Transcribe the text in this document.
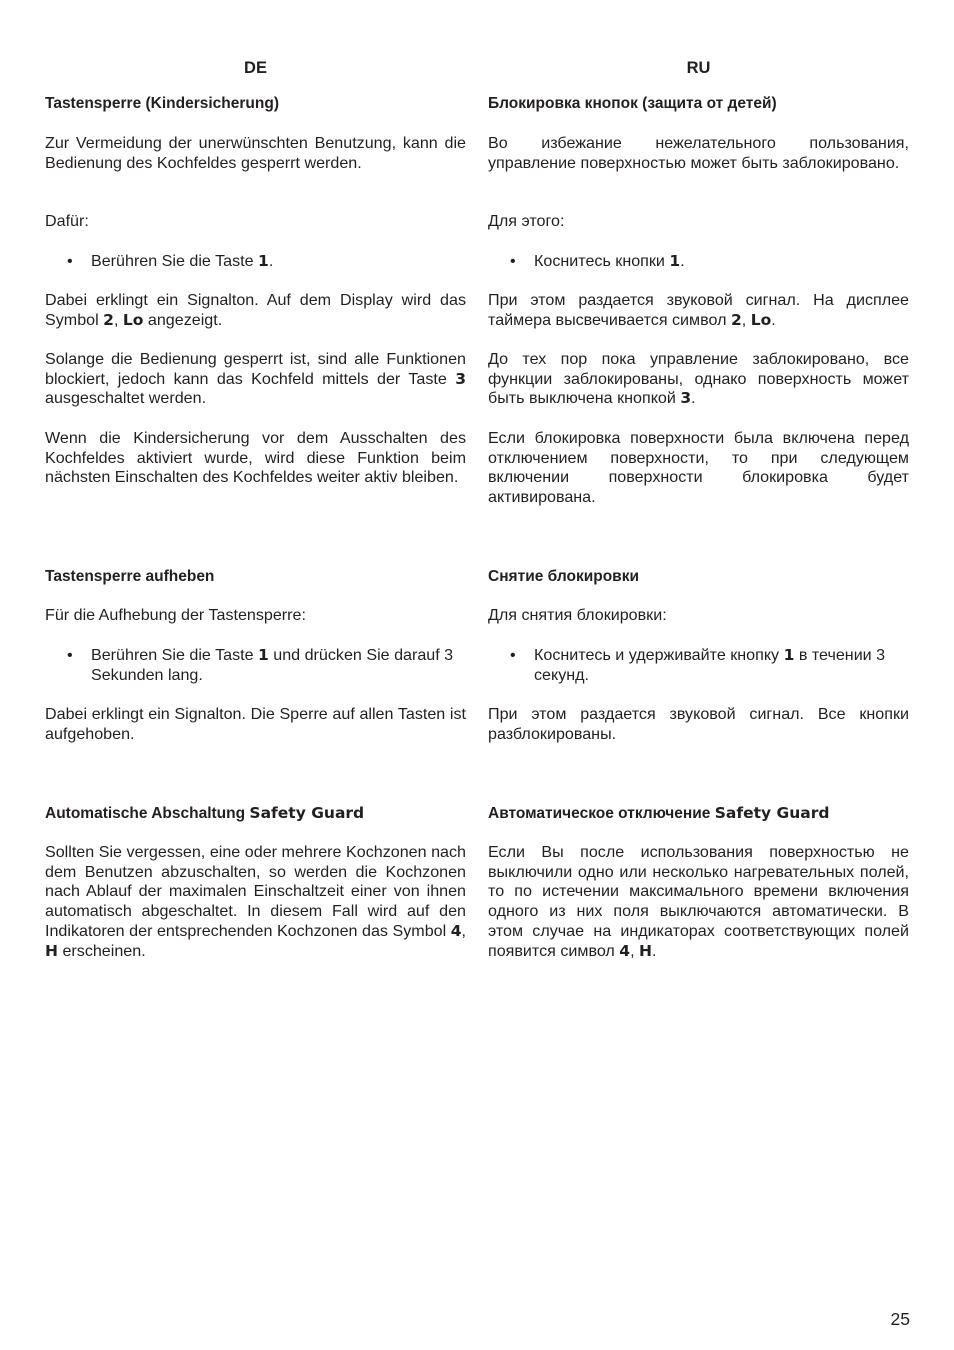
DE
Tastensperre (Kindersicherung)
Zur Vermeidung der unerwünschten Benutzung, kann die Bedienung des Kochfeldes gesperrt werden.
Dafür:
• Berühren Sie die Taste 1.
Dabei erklingt ein Signalton. Auf dem Display wird das Symbol 2, Lo angezeigt.
Solange die Bedienung gesperrt ist, sind alle Funktionen blockiert, jedoch kann das Kochfeld mittels der Taste 3 ausgeschaltet werden.
Wenn die Kindersicherung vor dem Ausschalten des Kochfeldes aktiviert wurde, wird diese Funktion beim nächsten Einschalten des Kochfeldes weiter aktiv bleiben.
Tastensperre aufheben
Für die Aufhebung der Tastensperre:
• Berühren Sie die Taste 1 und drücken Sie darauf 3 Sekunden lang.
Dabei erklingt ein Signalton. Die Sperre auf allen Tasten ist aufgehoben.
Automatische Abschaltung Safety Guard
Sollten Sie vergessen, eine oder mehrere Kochzonen nach dem Benutzen abzuschalten, so werden die Kochzonen nach Ablauf der maximalen Einschaltzeit einer von ihnen automatisch abgeschaltet. In diesem Fall wird auf den Indikatoren der entsprechenden Kochzonen das Symbol 4, H erscheinen.
RU
Блокировка кнопок (защита от детей)
Во избежание нежелательного пользования, управление поверхностью может быть заблокировано.
Для этого:
• Коснитесь кнопки 1.
При этом раздается звуковой сигнал. На дисплее таймера высвечивается символ 2, Lo.
До тех пор пока управление заблокировано, все функции заблокированы, однако поверхность может быть выключена кнопкой 3.
Если блокировка поверхности была включена перед отключением поверхности, то при следующем включении поверхности блокировка будет активирована.
Снятие блокировки
Для снятия блокировки:
• Коснитесь и удерживайте кнопку 1 в течении 3 секунд.
При этом раздается звуковой сигнал. Все кнопки разблокированы.
Автоматическое отключение Safety Guard
Если Вы после использования поверхностью не выключили одно или несколько нагревательных полей, то по истечении максимального времени включения одного из них поля выключаются автоматически. В этом случае на индикаторах соответствующих полей появится символ 4, H.
25
